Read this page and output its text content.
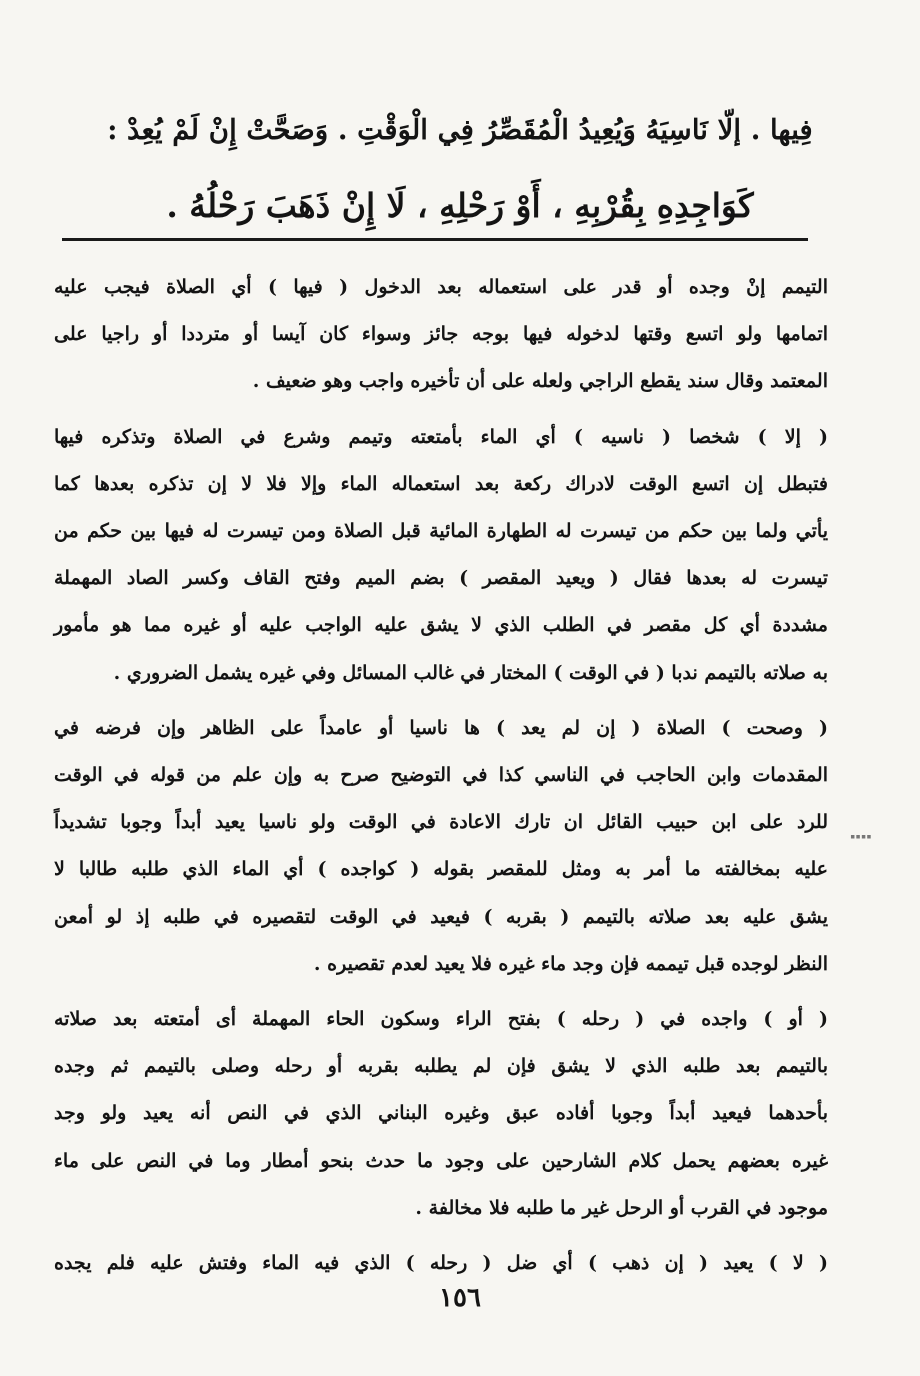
فِيها . إلّا نَاسِيَهُ وَيُعِيدُ الْمُقَصِّرُ فِي الْوَقْتِ . وَصَحَّتْ إِنْ لَمْ يُعِدْ :
كَوَاجِدِهِ بِقُرْبِهِ ، أَوْ رَحْلِهِ ، لَا إِنْ ذَهَبَ رَحْلُهُ .
التيمم إنْ وجده أو قدر على استعماله بعد الدخول ( فيها ) أي الصلاة فيجب عليه
اتمامها ولو اتسع وقتها لدخوله فيها بوجه جائز وسواء كان آيسا أو مترددا أو راجيا على
المعتمد وقال سند يقطع الراجي ولعله على أن تأخيره واجب وهو ضعيف .
( إلا ) شخصا ( ناسيه ) أي الماء بأمتعته وتيمم وشرع في الصلاة وتذكره فيها
فتبطل إن اتسع الوقت لادراك ركعة بعد استعماله الماء وإلا فلا لا إن تذكره بعدها كما
يأتي ولما بين حكم من تيسرت له الطهارة المائية قبل الصلاة ومن تيسرت له فيها بين حكم من
تيسرت له بعدها فقال ( ويعيد المقصر ) بضم الميم وفتح القاف وكسر الصاد المهملة
مشددة أي كل مقصر في الطلب الذي لا يشق عليه الواجب عليه أو غيره مما هو مأمور
به صلاته بالتيمم ندبا ( في الوقت ) المختار في غالب المسائل وفي غيره يشمل الضروري .
( وصحت ) الصلاة ( إن لم يعد ) ها ناسيا أو عامداً على الظاهر وإن فرضه في
المقدمات وابن الحاجب في الناسي كذا في التوضيح صرح به وإن علم من قوله في الوقت
للرد على ابن حبيب القائل ان تارك الاعادة في الوقت ولو ناسيا يعيد أبداً وجوبا تشديداً
عليه بمخالفته ما أمر به ومثل للمقصر بقوله ( كواجده ) أي الماء الذي طلبه طالبا لا
يشق عليه بعد صلاته بالتيمم ( بقربه ) فيعيد في الوقت لتقصيره في طلبه إذ لو أمعن
النظر لوجده قبل تيممه فإن وجد ماء غيره فلا يعيد لعدم تقصيره .
( أو ) واجده في ( رحله ) بفتح الراء وسكون الحاء المهملة أى أمتعته بعد صلاته
بالتيمم بعد طلبه الذي لا يشق فإن لم يطلبه بقربه أو رحله وصلى بالتيمم ثم وجده
بأحدهما فيعيد أبداً وجوبا أفاده عبق وغيره البناني الذي في النص أنه يعيد ولو وجد
غيره بعضهم يحمل كلام الشارحين على وجود ما حدث بنحو أمطار وما في النص على ماء
موجود في القرب أو الرحل غير ما طلبه فلا مخالفة .
( لا ) يعيد ( إن ذهب ) أي ضل ( رحله ) الذي فيه الماء وفتش عليه فلم يجده
▪▪▪▪
١٥٦
